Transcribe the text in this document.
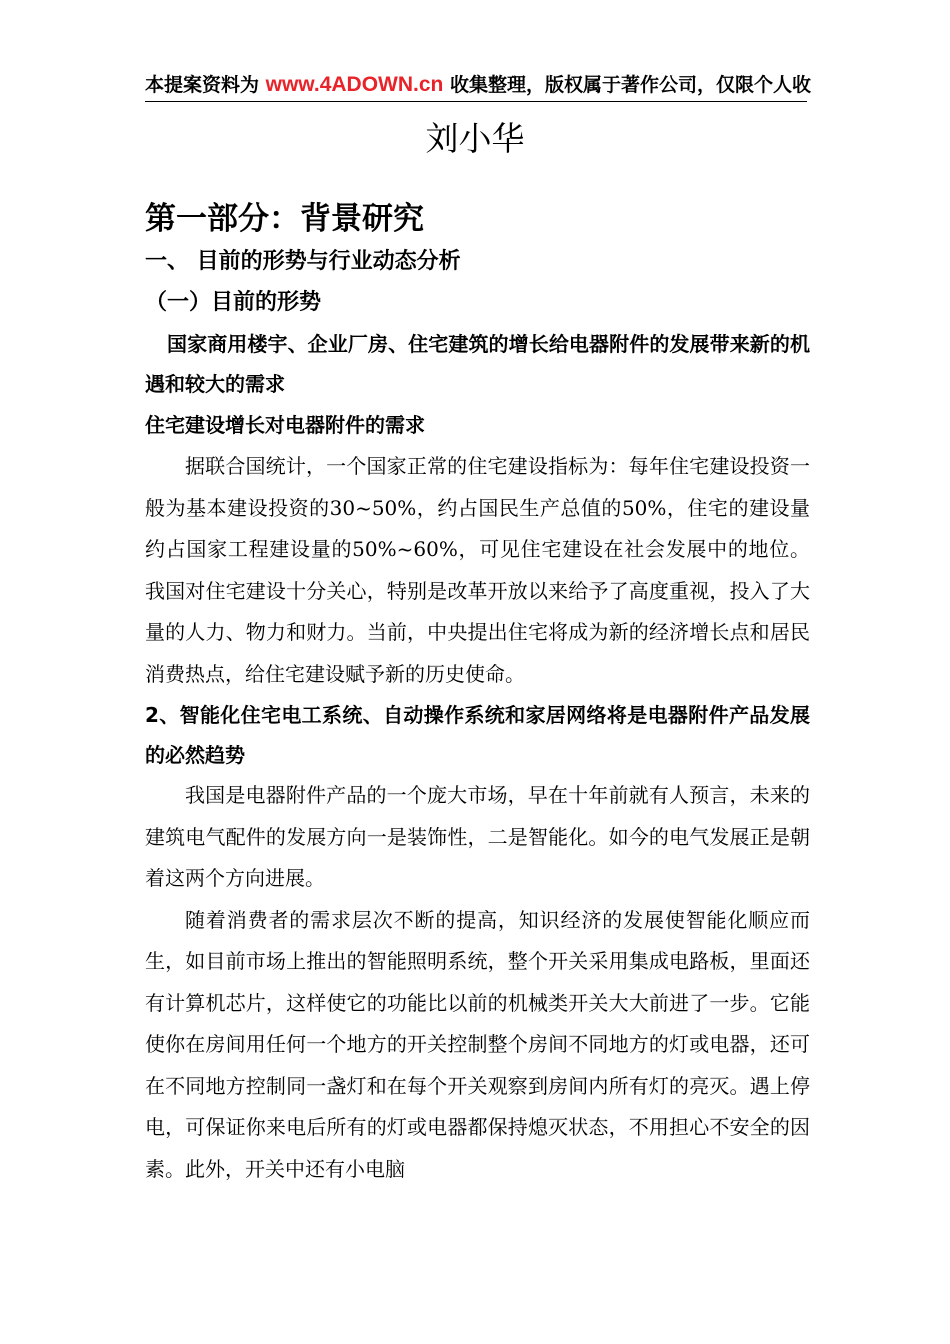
本提案资料为 www.4ADOWN.cn 收集整理，版权属于著作公司，仅限个人收
刘小华

第一部分：背景研究

一、 目前的形势与行业动态分析

（一）目前的形势

国家商用楼宇、企业厂房、住宅建筑的增长给电器附件的发展带来新的机遇和较大的需求

住宅建设增长对电器附件的需求

据联合国统计，一个国家正常的住宅建设指标为：每年住宅建设投资一般为基本建设投资的30~50%，约占国民生产总值的50%，住宅的建设量约占国家工程建设量的50%~60%，可见住宅建设在社会发展中的地位。我国对住宅建设十分关心，特别是改革开放以来给予了高度重视，投入了大量的人力、物力和财力。当前，中央提出住宅将成为新的经济增长点和居民消费热点，给住宅建设赋予新的历史使命。

2、智能化住宅电工系统、自动操作系统和家居网络将是电器附件产品发展的必然趋势

我国是电器附件产品的一个庞大市场，早在十年前就有人预言，未来的建筑电气配件的发展方向一是装饰性，二是智能化。如今的电气发展正是朝着这两个方向进展。

随着消费者的需求层次不断的提高，知识经济的发展使智能化顺应而生，如目前市场上推出的智能照明系统，整个开关采用集成电路板，里面还有计算机芯片，这样使它的功能比以前的机械类开关大大前进了一步。它能使你在房间用任何一个地方的开关控制整个房间不同地方的灯或电器，还可在不同地方控制同一盏灯和在每个开关观察到房间内所有灯的亮灭。遇上停电，可保证你来电后所有的灯或电器都保持熄灭状态，不用担心不安全的因素。此外，开关中还有小电脑
